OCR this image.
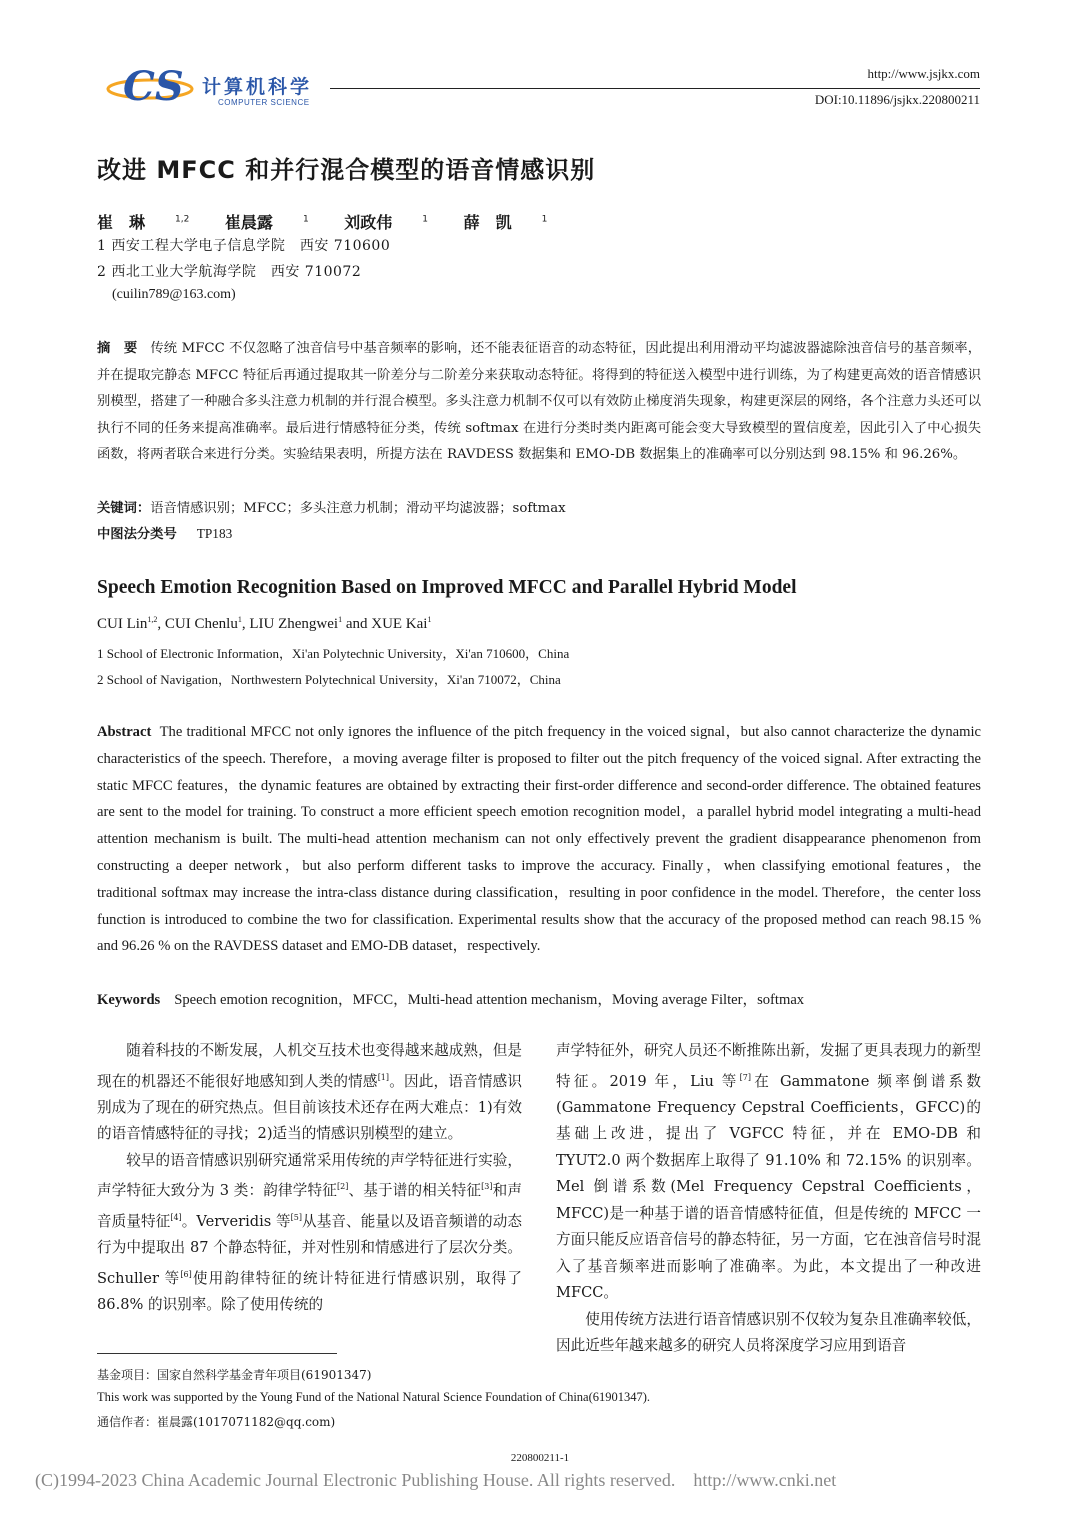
CS 计算机科学
COMPUTER SCIENCE
http://www.jsjkx.com
DOI:10.11896/jsjkx.220800211
改进 MFCC 和并行混合模型的语音情感识别
崔　琳	$^{1,2}$ 崔晨露	$^1$ 刘政伟	$^1$ 薛　凯	$^1$
1 西安工程大学电子信息学院　西安 710600
2 西北工业大学航海学院　西安 710072
(cuilin789@163.com)
摘　要 传统 MFCC 不仅忽略了浊音信号中基音频率的影响，还不能表征语音的动态特征，因此提出利用滑动平均滤波器滤除浊音信号的基音频率，并在提取完静态 MFCC 特征后再通过提取其一阶差分与二阶差分来获取动态特征。将得到的特征送入模型中进行训练，为了构建更高效的语音情感识别模型，搭建了一种融合多头注意力机制的并行混合模型。多头注意力机制不仅可以有效防止梯度消失现象，构建更深层的网络，各个注意力头还可以执行不同的任务来提高准确率。最后进行情感特征分类，传统 softmax 在进行分类时类内距离可能会变大导致模型的置信度差，因此引入了中心损失函数，将两者联合来进行分类。实验结果表明，所提方法在 RAVDESS 数据集和 EMO-DB 数据集上的准确率可以分别达到 98.15% 和 96.26%。
关键词：语音情感识别；MFCC；多头注意力机制；滑动平均滤波器；softmax
中图法分类号 TP183
Speech Emotion Recognition Based on Improved MFCC and Parallel Hybrid Model
CUI Lin$^{1,2}$, CUI Chenlu$^1$, LIU Zhengwei$^1$ and XUE Kai$^1$
1 School of Electronic Information，Xi'an Polytechnic University，Xi'an 710600，China
2 School of Navigation，Northwestern Polytechnical University，Xi'an 710072，China
Abstract The traditional MFCC not only ignores the influence of the pitch frequency in the voiced signal，but also cannot characterize the dynamic characteristics of the speech. Therefore，a moving average filter is proposed to filter out the pitch frequency of the voiced signal. After extracting the static MFCC features，the dynamic features are obtained by extracting their first-order difference and second-order difference. The obtained features are sent to the model for training. To construct a more efficient speech emotion recognition model，a parallel hybrid model integrating a multi-head attention mechanism is built. The multi-head attention mechanism can not only effectively prevent the gradient disappearance phenomenon from constructing a deeper network，but also perform different tasks to improve the accuracy. Finally，when classifying emotional features，the traditional softmax may increase the intra-class distance during classification，resulting in poor confidence in the model. Therefore，the center loss function is introduced to combine the two for classification. Experimental results show that the accuracy of the proposed method can reach 98.15 % and 96.26 % on the RAVDESS dataset and EMO-DB dataset，respectively.
Keywords Speech emotion recognition，MFCC，Multi-head attention mechanism，Moving average Filter，softmax

随着科技的不断发展，人机交互技术也变得越来越成熟，但是现在的机器还不能很好地感知到人类的情感[1]。因此，语音情感识别成为了现在的研究热点。但目前该技术还存在两大难点：1)有效的语音情感特征的寻找；2)适当的情感识别模型的建立。

较早的语音情感识别研究通常采用传统的声学特征进行实验，声学特征大致分为 3 类：韵律学特征[2]、基于谱的相关特征[3]和声音质量特征[4]。Ververidis 等[5]从基音、能量以及语音频谱的动态行为中提取出 87 个静态特征，并对性别和情感进行了层次分类。Schuller 等[6]使用韵律特征的统计特征进行情感识别，取得了 86.8% 的识别率。除了使用传统的

声学特征外，研究人员还不断推陈出新，发掘了更具表现力的新型特征。2019 年，Liu 等[7]在 Gammatone 频率倒谱系数(Gammatone Frequency Cepstral Coefficients，GFCC)的基础上改进，提出了 VGFCC 特征，并在 EMO-DB 和 TYUT2.0 两个数据库上取得了 91.10% 和 72.15% 的识别率。Mel 倒谱系数(Mel Frequency Cepstral Coefficients，MFCC)是一种基于谱的语音情感特征值，但是传统的 MFCC 一方面只能反应语音信号的静态特征，另一方面，它在浊音信号时混入了基音频率进而影响了准确率。为此，本文提出了一种改进 MFCC。

使用传统方法进行语音情感识别不仅较为复杂且准确率较低，因此近些年越来越多的研究人员将深度学习应用到语音

基金项目：国家自然科学基金青年项目(61901347)
This work was supported by the Young Fund of the National Natural Science Foundation of China(61901347).
通信作者：崔晨露(1017071182@qq.com)
220800211-1
(C)1994-2023 China Academic Journal Electronic Publishing House. All rights reserved.    http://www.cnki.net
